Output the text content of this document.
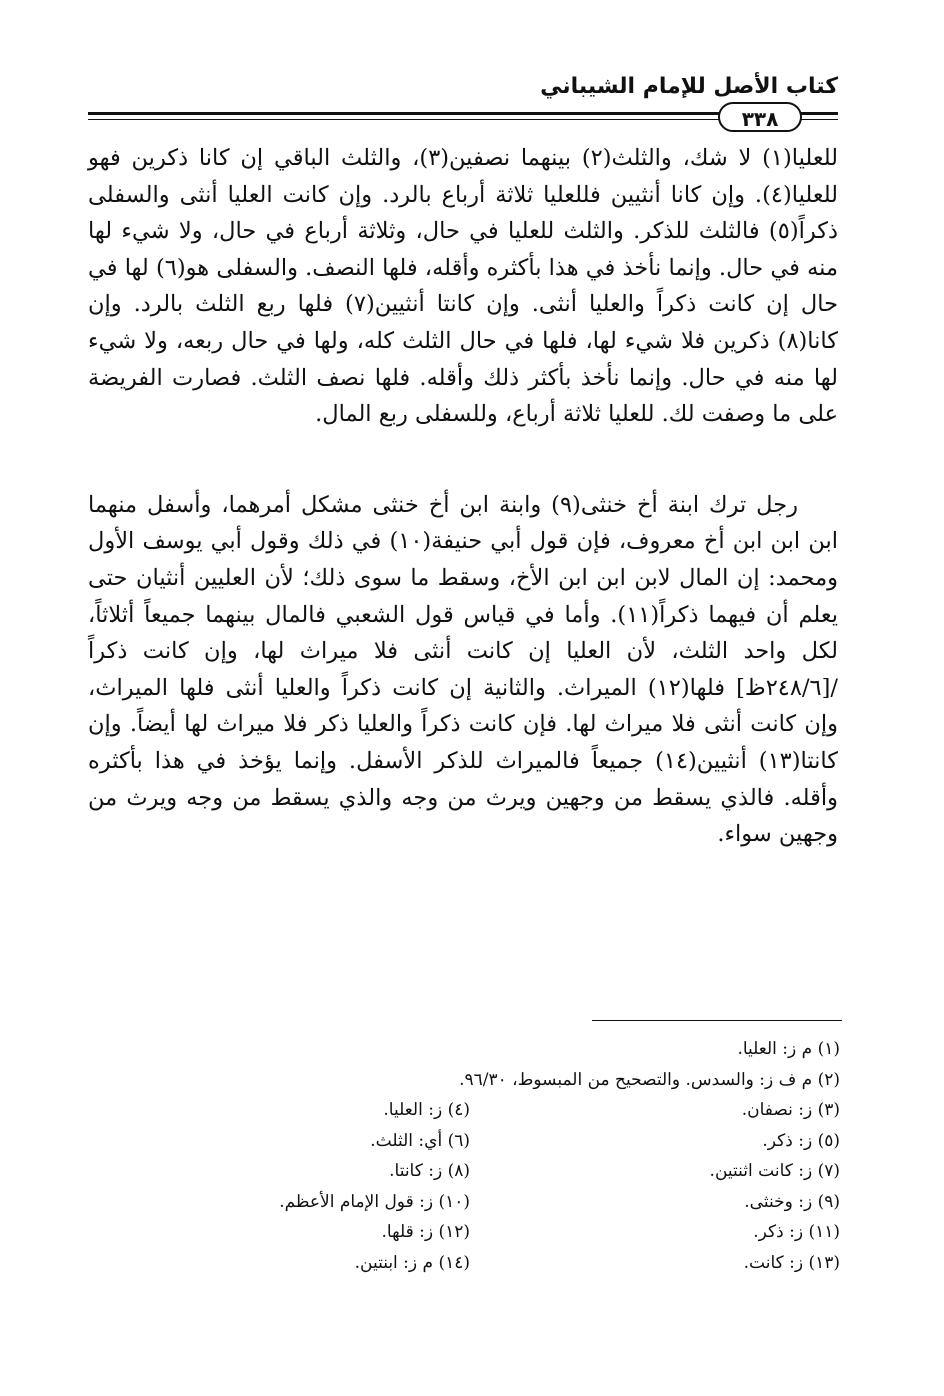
كتاب الأصل للإمام الشيباني
٣٣٨

للعليا(١) لا شك، والثلث(٢) بينهما نصفين(٣)، والثلث الباقي إن كانا ذكرين فهو للعليا(٤). وإن كانا أنثيين فللعليا ثلاثة أرباع بالرد. وإن كانت العليا أنثى والسفلى ذكراً(٥) فالثلث للذكر. والثلث للعليا في حال، وثلاثة أرباع في حال، ولا شيء لها منه في حال. وإنما نأخذ في هذا بأكثره وأقله، فلها النصف. والسفلى هو(٦) لها في حال إن كانت ذكراً والعليا أنثى. وإن كانتا أنثيين(٧) فلها ربع الثلث بالرد. وإن كانا(٨) ذكرين فلا شيء لها، فلها في حال الثلث كله، ولها في حال ربعه، ولا شيء لها منه في حال. وإنما نأخذ بأكثر ذلك وأقله. فلها نصف الثلث. فصارت الفريضة على ما وصفت لك. للعليا ثلاثة أرباع، وللسفلى ربع المال.

رجل ترك ابنة أخ خنثى(٩) وابنة ابن أخ خنثى مشكل أمرهما، وأسفل منهما ابن ابن ابن أخ معروف، فإن قول أبي حنيفة(١٠) في ذلك وقول أبي يوسف الأول ومحمد: إن المال لابن ابن ابن الأخ، وسقط ما سوى ذلك؛ لأن العليين أنثيان حتى يعلم أن فيهما ذكراً(١١). وأما في قياس قول الشعبي فالمال بينهما جميعاً أثلاثاً، لكل واحد الثلث، لأن العليا إن كانت أنثى فلا ميراث لها، وإن كانت ذكراً /[٢٤٨/٦ظ] فلها(١٢) الميراث. والثانية إن كانت ذكراً والعليا أنثى فلها الميراث، وإن كانت أنثى فلا ميراث لها. فإن كانت ذكراً والعليا ذكر فلا ميراث لها أيضاً. وإن كانتا(١٣) أنثيين(١٤) جميعاً فالميراث للذكر الأسفل. وإنما يؤخذ في هذا بأكثره وأقله. فالذي يسقط من وجهين ويرث من وجه والذي يسقط من وجه ويرث من وجهين سواء.

(١) م ز: العليا.
(٢) م ف ز: والسدس. والتصحيح من المبسوط، ٩٦/٣٠.
(٣) ز: نصفان.
(٤) ز: العليا.
(٥) ز: ذكر.
(٦) أي: الثلث.
(٧) ز: كانت اثنتين.
(٨) ز: كانتا.
(٩) ز: وخنثى.
(١٠) ز: قول الإمام الأعظم.
(١١) ز: ذكر.
(١٢) ز: قلها.
(١٣) ز: كانت.
(١٤) م ز: ابنتين.
